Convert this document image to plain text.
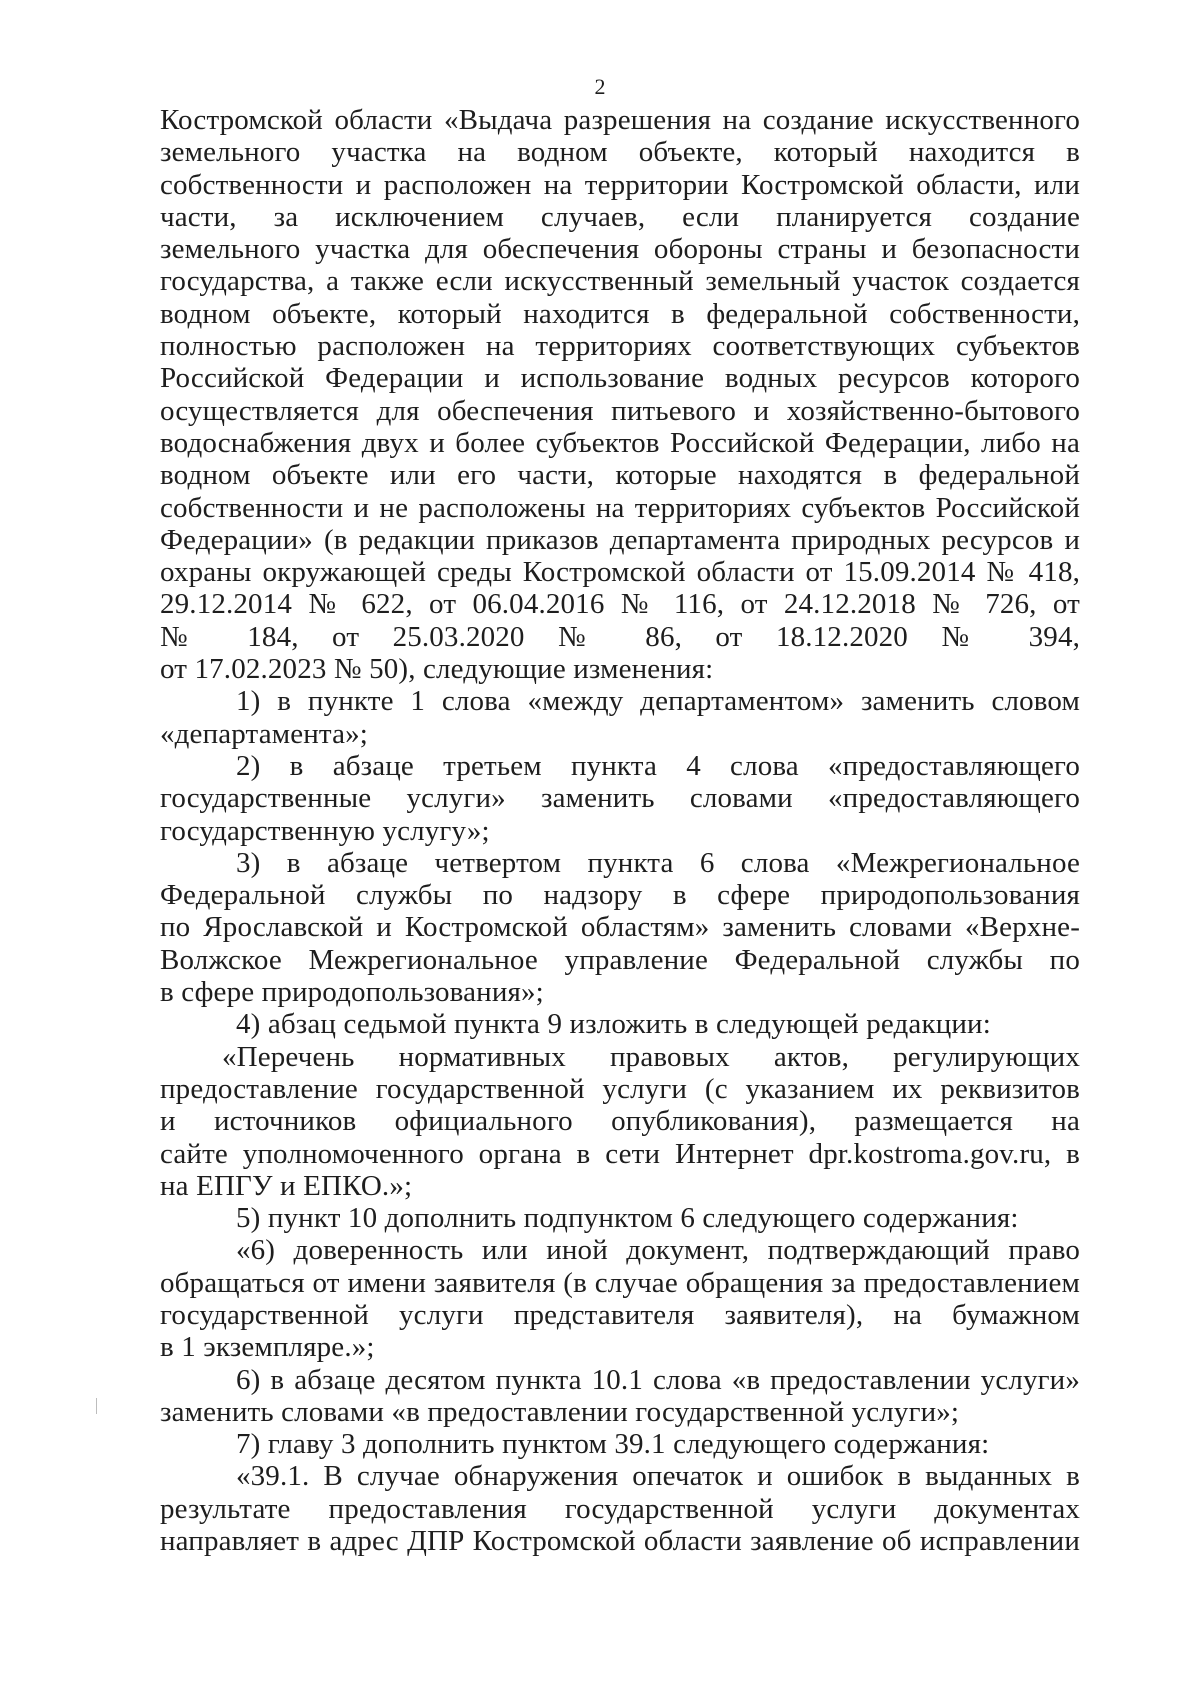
2
Костромской области «Выдача разрешения на создание искусственного
земельного участка на водном объекте, который находится в
собственности и расположен на территории Костромской области, или
части, за исключением случаев, если планируется создание
земельного участка для обеспечения обороны страны и безопасности
государства, а также если искусственный земельный участок создается
водном объекте, который находится в федеральной собственности,
полностью расположен на территориях соответствующих субъектов
Российской Федерации и использование водных ресурсов которого
осуществляется для обеспечения питьевого и хозяйственно-бытового
водоснабжения двух и более субъектов Российской Федерации, либо на
водном объекте или его части, которые находятся в федеральной
собственности и не расположены на территориях субъектов Российской
Федерации» (в редакции приказов департамента природных ресурсов и
охраны окружающей среды Костромской области от 15.09.2014 № 418,
29.12.2014 № 622, от 06.04.2016 № 116, от 24.12.2018 № 726, от
№ 184, от 25.03.2020 № 86, от 18.12.2020 № 394,
от 17.02.2023 № 50), следующие изменения:
1) в пункте 1 слова «между департаментом» заменить словом
«департамента»;
2) в абзаце третьем пункта 4 слова «предоставляющего
государственные услуги» заменить словами «предоставляющего
государственную услугу»;
3) в абзаце четвертом пункта 6 слова «Межрегиональное
Федеральной службы по надзору в сфере природопользования
по Ярославской и Костромской областям» заменить словами «Верхне-
Волжское Межрегиональное управление Федеральной службы по
в сфере природопользования»;
4) абзац седьмой пункта 9 изложить в следующей редакции:
«Перечень нормативных правовых актов, регулирующих
предоставление государственной услуги (с указанием их реквизитов
и источников официального опубликования), размещается на
сайте уполномоченного органа в сети Интернет dpr.kostroma.gov.ru, в
на ЕПГУ и ЕПКО.»;
5) пункт 10 дополнить подпунктом 6 следующего содержания:
«6) доверенность или иной документ, подтверждающий право
обращаться от имени заявителя (в случае обращения за предоставлением
государственной услуги представителя заявителя), на бумажном
в 1 экземпляре.»;
6) в абзаце десятом пункта 10.1 слова «в предоставлении услуги»
заменить словами «в предоставлении государственной услуги»;
7) главу 3 дополнить пунктом 39.1 следующего содержания:
«39.1. В случае обнаружения опечаток и ошибок в выданных в
результате предоставления государственной услуги документах
направляет в адрес ДПР Костромской области заявление об исправлении
